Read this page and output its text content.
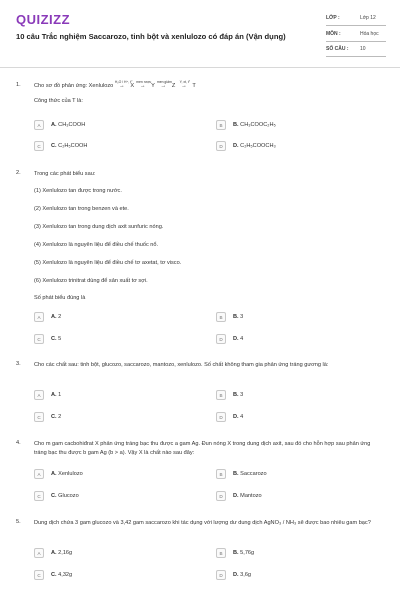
QUIZIZZ
10 câu Trắc nghiệm Saccarozo, tinh bột và xenlulozo có đáp án (Vận dụng)
LỚP :	Lớp 12
MÔN :	Hóa học
SỐ CÂU : 10
1. Cho sơ đồ phản ứng: Xenlulozo
H₂O / H⁺, t°
→ X
men rượu
→ Y
men giấm
→ Z
Y, xt, t°
→ T
Công thức của T là:
A	A. CH₃COOH	B	B. CH₃COOC₂H₅
C	C. C₂H₅COOH	D	D. C₂H₅COOCH₃
2. Trong các phát biểu sau:
(1) Xenlulozo tan được trong nước.
(2) Xenlulozo tan trong benzen và ete.
(3) Xenlulozo tan trong dung dịch axit sunfuric nóng.
(4) Xenlulozo là nguyên liệu để điều chế thuốc nổ.
(5) Xenlulozo là nguyên liệu để điều chế tơ axetat, tơ visco.
(6) Xenlulozo trinitrat dùng để sản xuất tơ sợi.
Số phát biểu đúng là
A	A. 2	B	B. 3
C	C. 5	D	D. 4
3. Cho các chất sau: tinh bột, glucozo, saccarozo, mantozo, xenlulozo. Số chất không tham gia phản ứng tráng gương là:
A	A. 1	B	B. 3
C	C. 2	D	D. 4
4. Cho m gam cacbohiđrat X phản ứng tráng bạc thu được a gam Ag. Đun nóng X trong dung dịch axit, sau đó cho hỗn hợp sau phản ứng tráng bạc thu được b gam Ag (b > a). Vậy X là chất nào sau đây:
A	A. Xenlulozo	B	B. Saccarozo
C	C. Glucozo	D	D. Mantozo
5. Dung dịch chứa 3 gam glucozo và 3,42 gam saccarozo khi tác dụng với lượng dư dung dịch AgNO₃ / NH₃ sẽ được bao nhiêu gam bạc?
A	A. 2,16g	B	B. 5,76g
C	C. 4,32g	D	D. 3,6g
